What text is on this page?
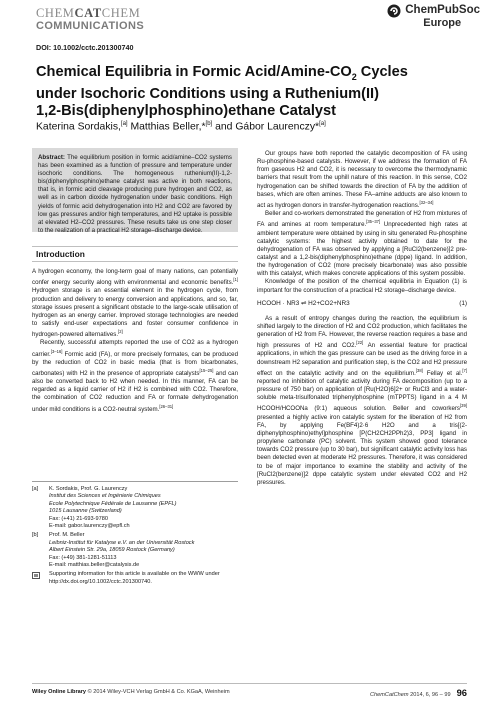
CHEMCATCHEM
COMMUNICATIONS
ChemPubSoc
Europe
DOI: 10.1002/cctc.201300740
Chemical Equilibria in Formic Acid/$Amine-CO_2$ Cycles
under Isochoric Conditions using a Ruthenium(II)
1,2-Bis(diphenylphosphino)ethane Catalyst
Katerina Sordakis,[a] Matthias Beller,*[b] and Gábor Laurenczy*[a]
Abstract: The equilibrium position in formic acid/amine–CO2 systems has been examined as a function of pressure and temperature under isochoric conditions. The homogeneous ruthenium(II)-1,2-bis(diphenylphosphino)ethane catalyst was active in both reactions, that is, in formic acid cleavage producing pure hydrogen and CO2, as well as in carbon dioxide hydrogenation under basic conditions. High yields of formic acid dehydrogenation into H2 and CO2 are favored by low gas pressures and/or high temperatures, and H2 uptake is possible at elevated H2–CO2 pressures. These results take us one step closer to the realization of a practical H2 storage–discharge device.
Introduction

A hydrogen economy, the long-term goal of many nations, can potentially confer energy security along with environmental and economic benefits.[1] Hydrogen storage is an essential element in the hydrogen cycle, from production and delivery to energy conversion and applications, and so, far, storage issues present a significant obstacle to the large-scale utilisation of hydrogen as an energy carrier. Improved storage technologies are needed to satisfy end-user expectations and foster consumer confidence in hydrogen-powered alternatives.[2]

Recently, successful attempts reported the use of CO2 as a hydrogen carrier.[3–16] Formic acid (FA), or more precisely formates, can be produced by the reduction of CO2 in basic media (that is from bicarbonates, carbonates) with H2 in the presence of appropriate catalysts[15–25] and can also be converted back to H2 when needed. In this manner, FA can be regarded as a liquid carrier of H2 if H2 is combined with CO2. Therefore, the combination of CO2 reduction and FA or formate dehydrogenation under mild conditions is a CO2-neutral system.[26–31]

Our groups have both reported the catalytic decomposition of FA using Ru-phosphine-based catalysts. However, if we address the formation of FA from gaseous H2 and CO2, it is necessary to overcome the thermodynamic barriers that result from the uphill nature of this reaction. In this sense, CO2 hydrogenation can be shifted towards the direction of FA by the addition of bases, which are often amines. These FA–amine adducts are also known to act as hydrogen donors in transfer-hydrogenation reactions.[32–34]

Beller and co-workers demonstrated the generation of H2 from mixtures of FA and amines at room temperature.[35–37] Unprecedented high rates at ambient temperature were obtained by using in situ generated Ru-phosphine catalytic systems: the highest activity obtained to date for the dehydrogenation of FA was observed by applying a [RuCl2(benzene)]2 pre-catalyst and a 1,2-bis(diphenylphosphino)ethane (dppe) ligand. In addition, the hydrogenation of CO2 (more precisely bicarbonate) was also possible with this catalyst, which makes concrete applications of this system possible.

Knowledge of the position of the chemical equilibria in Equation (1) is important for the construction of a practical H2 storage–discharge device.

HCOOH · NR3 ⇌ H2+CO2+NR3	(1)

As a result of entropy changes during the reaction, the equilibrium is shifted largely to the direction of H2 and CO2 production, which facilitates the generation of H2 from FA. However, the reverse reaction requires a base and high pressures of H2 and CO2.[22] An essential feature for practical applications, in which the gas pressure can be used as the driving force in a downstream H2 separation and purification step, is the CO2 and H2 pressure effect on the catalytic activity and on the equilibrium.[38] Fellay et al.[7] reported no inhibition of catalytic activity during FA decomposition (up to a pressure of 750 bar) on application of [Ru(H2O)6]2+ or RuCl3 and a water-soluble meta-trisulfonated triphenylphosphine (mTPPTS) ligand in a 4 M HCOOH/HCOONa (9:1) aqueous solution. Beller and coworkers[39] presented a highly active iron catalytic system for the liberation of H2 from FA, by applying Fe(BF4)2·6 H2O and a tris[(2-diphenylphosphino)ethyl]phosphine [P(CH2CH2PPh2)3, PP3] ligand in propylene carbonate (PC) solvent. This system showed good tolerance towards CO2 pressure (up to 30 bar), but significant catalytic activity loss has been detected even at moderate H2 pressures. Therefore, it was considered to be of major importance to examine the stability and activity of the [RuCl2(benzene)]2 dppe catalytic system under elevated CO2 and H2 pressures.

[a] K. Sordakis, Prof. G. Laurenczy
Institut des Sciences et Ingénierie Chimiques
Ecole Polytechnique Fédérale de Lausanne (EPFL)
1015 Lausanne (Switzerland)
Fax: (+41) 21-693-9780
E-mail: gabor.laurenczy@epfl.ch
[b] Prof. M. Beller
Leibniz-Institut für Katalyse e.V. an der Universität Rostock
Albert Einstein Str. 29a, 18059 Rostock (Germany)
Fax: (+49) 381-1281-51113
E-mail: matthias.beller@catalysis.de
Supporting information for this article is available on the WWW under http://dx.doi.org/10.1002/cctc.201300740.
Wiley Online Library © 2014 Wiley-VCH Verlag GmbH & Co. KGaA, Weinheim	ChemCatChem 2014, 6, 96 – 99 96
